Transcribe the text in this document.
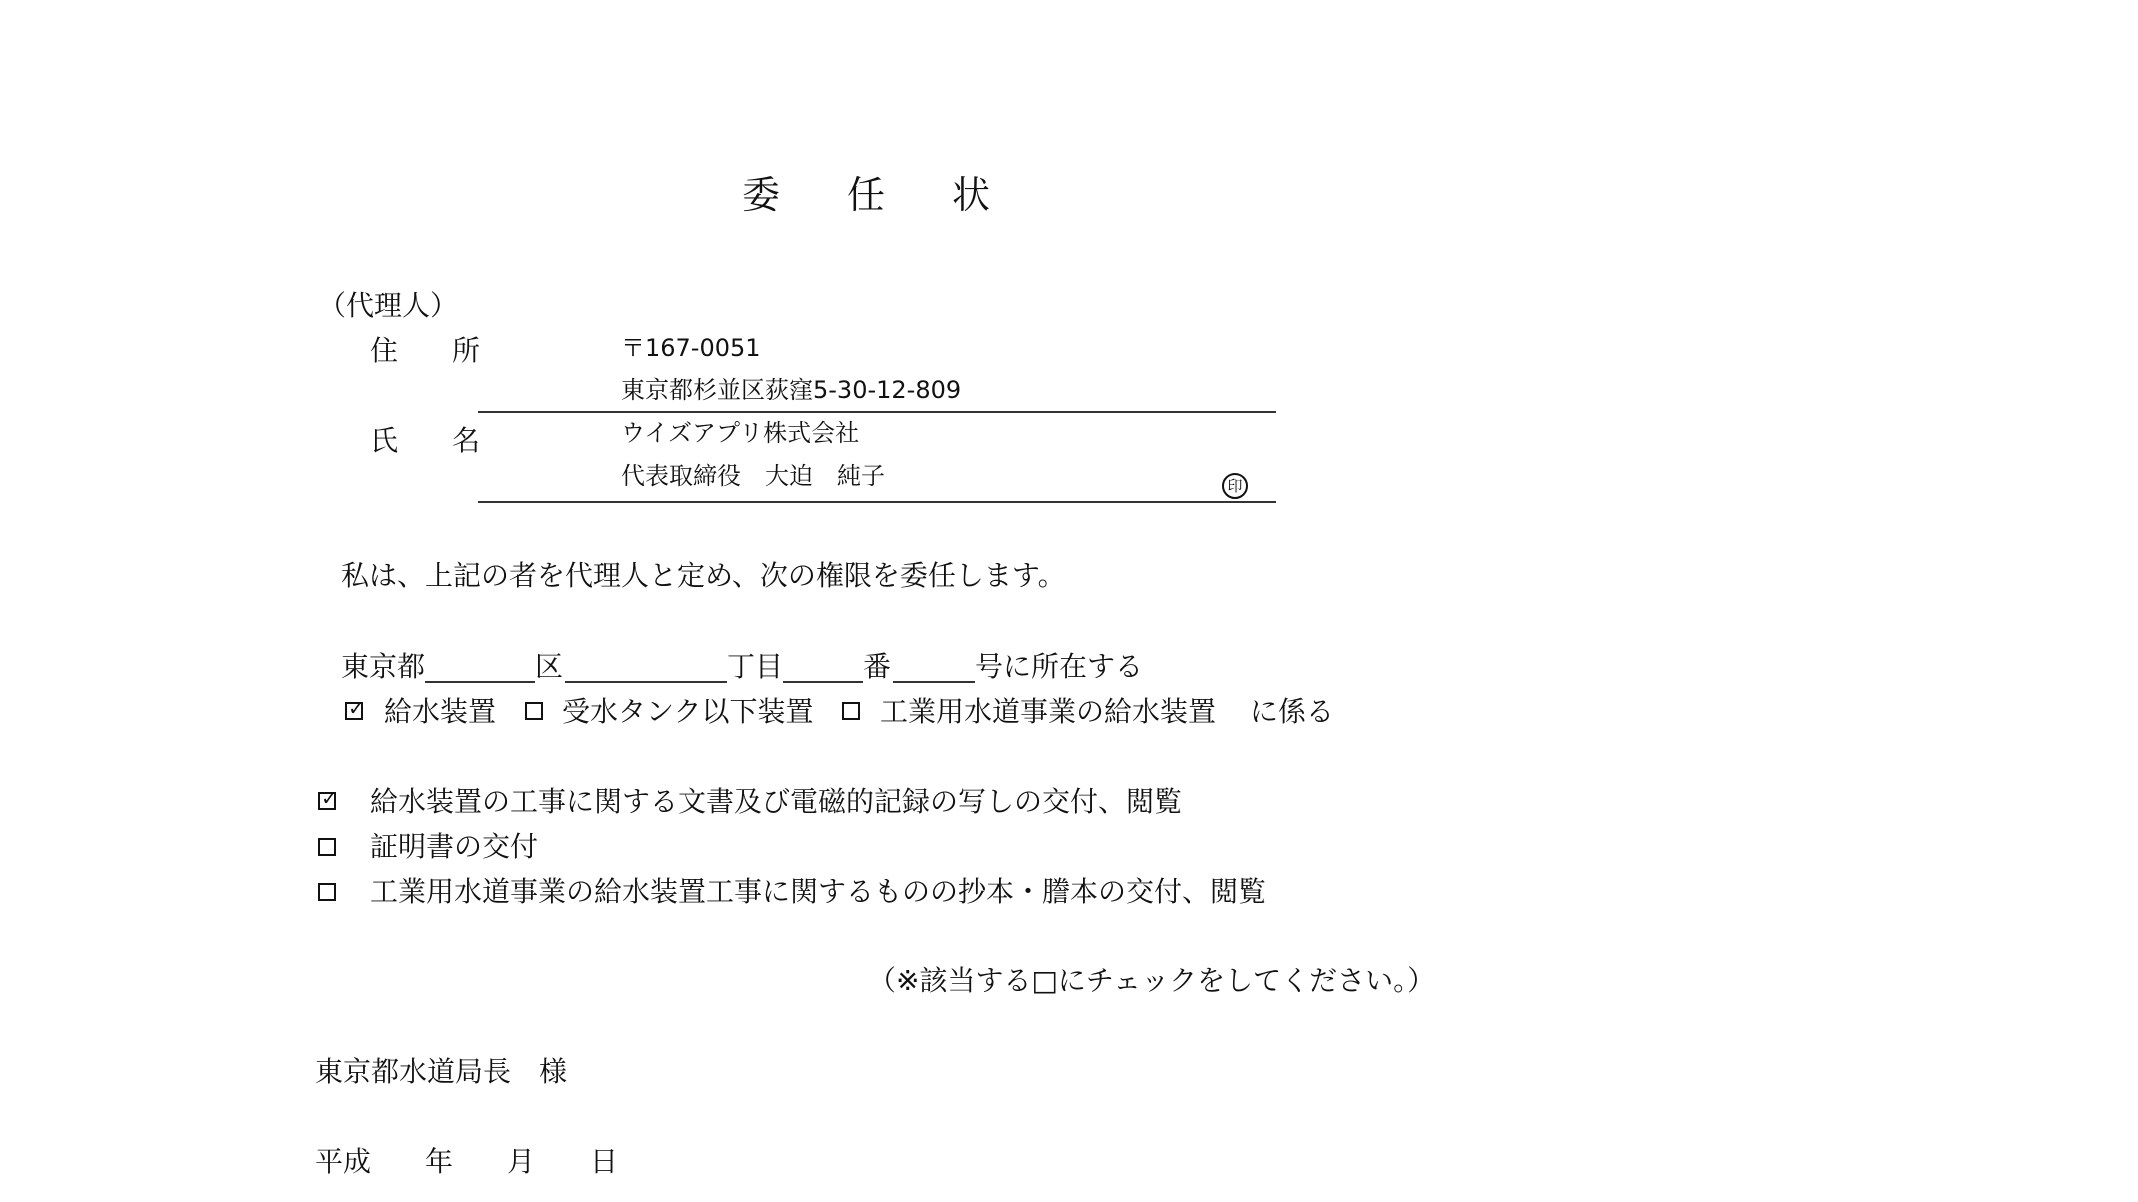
委 任 状
（代理人）
住 所	〒167-0051
東京都杉並区荻窪5-30-12-809
氏 名	ウイズアプリ株式会社
代表取締役　大迫　純子	印
私は、上記の者を代理人と定め、次の権限を委任します。
東京都	区	丁目	番	号に所在する
✓ 給水装置 受水タンク以下装置 工業用水道事業の給水装置 に係る
✓ 給水装置の工事に関する文書及び電磁的記録の写しの交付、閲覧
証明書の交付
工業用水道事業の給水装置工事に関するものの抄本・謄本の交付、閲覧
（※該当する□にチェックをしてください。）
東京都水道局長　様
平成 年 月 日
